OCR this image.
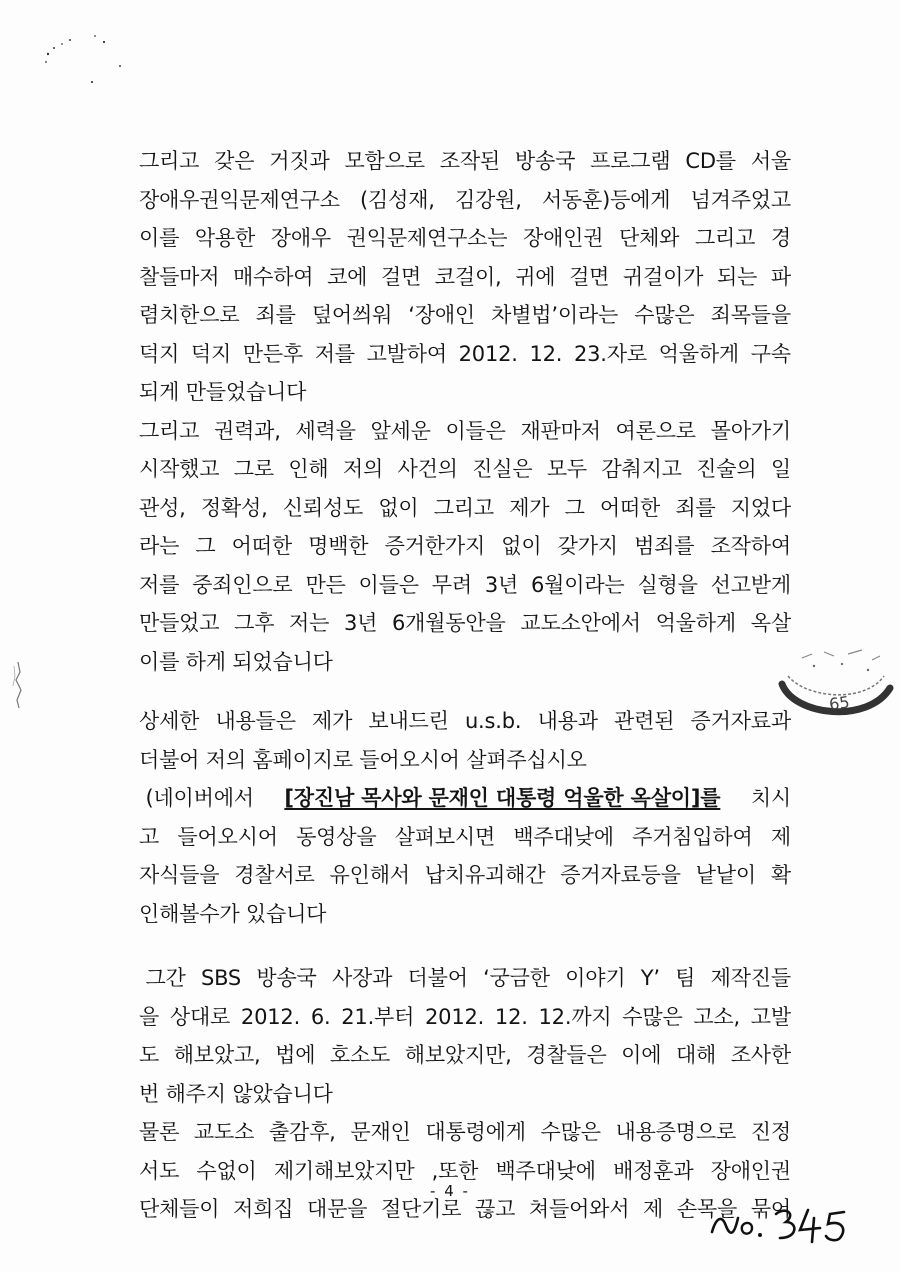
그리고 갖은 거짓과 모함으로 조작된 방송국 프로그램 CD를 서울
장애우권익문제연구소 (김성재, 김강원, 서동훈)등에게 넘겨주었고
이를 악용한 장애우 권익문제연구소는 장애인권 단체와 그리고 경
찰들마저 매수하여 코에 걸면 코걸이, 귀에 걸면 귀걸이가 되는 파
렴치한으로 죄를 덮어씌워 ‘장애인 차별법’이라는 수많은 죄목들을
덕지 덕지 만든후 저를 고발하여 2012. 12. 23.자로 억울하게 구속
되게
만들었습니다
그리고 권력과, 세력을 앞세운 이들은 재판마저 여론으로 몰아가기
시작했고 그로 인해 저의 사건의 진실은 모두 감춰지고 진술의 일
관성, 정확성, 신뢰성도 없이 그리고 제가 그 어떠한 죄를 지었다
라는 그 어떠한 명백한 증거한가지 없이 갖가지 범죄를 조작하여
저를 중죄인으로 만든 이들은 무려 3년 6월이라는 실형을 선고받게
만들었고 그후 저는 3년 6개월동안을 교도소안에서 억울하게 옥살
이를
하게
되었습니다
상세한 내용들은 제가 보내드린 u.s.b. 내용과 관련된 증거자료과
더불어
저의
홈페이지로
들어오시어
살펴주십시오
(네이버에서 [장진남 목사와 문재인 대통령 억울한 옥살이]를 치시
고 들어오시어 동영상을 살펴보시면 백주대낮에 주거침입하여 제
자식들을 경찰서로 유인해서 납치유괴해간 증거자료등을 낱낱이 확
인해볼수가
있습니다
그간 SBS 방송국 사장과 더불어 ‘궁금한 이야기 Y’ 팀 제작진들
을 상대로 2012. 6. 21.부터 2012. 12. 12.까지 수많은 고소, 고발
도 해보았고, 법에 호소도 해보았지만, 경찰들은 이에 대해 조사한
번
해주지
않았습니다
물론 교도소 출감후, 문재인 대통령에게 수많은 내용증명으로 진정
서도 수없이 제기해보았지만 ,또한 백주대낮에 배정훈과 장애인권
단체들이 저희집 대문을 절단기로 끊고 쳐들어와서 제 손목을 묶어
65
- 4 -
